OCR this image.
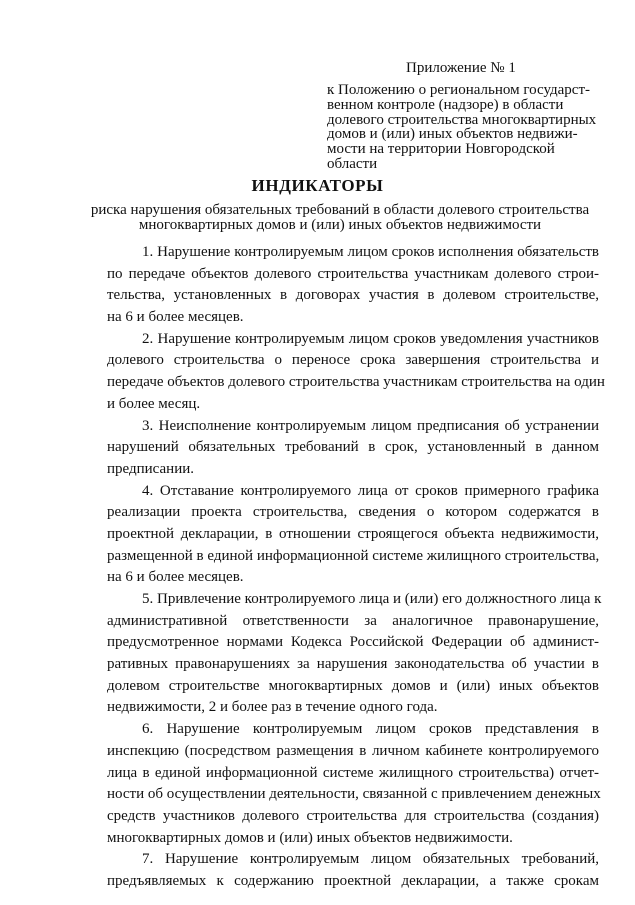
Приложение № 1
к Положению о региональном государст-
венном контроле (надзоре) в области
долевого строительства многоквартирных
домов и (или) иных объектов недвижи-
мости на территории Новгородской
области
ИНДИКАТОРЫ
риска нарушения обязательных требований в области долевого строительства
многоквартирных домов и (или) иных объектов недвижимости
1. Нарушение контролируемым лицом сроков исполнения обязательств
по передаче объектов долевого строительства участникам долевого строи-
тельства, установленных в договорах участия в долевом строительстве,
на 6 и более месяцев.
2. Нарушение контролируемым лицом сроков уведомления участников
долевого строительства о переносе срока завершения строительства и
передаче объектов долевого строительства участникам строительства на один
и более месяц.
3. Неисполнение контролируемым лицом предписания об устранении
нарушений обязательных требований в срок, установленный в данном
предписании.
4. Отставание контролируемого лица от сроков примерного графика
реализации проекта строительства, сведения о котором содержатся в
проектной декларации, в отношении строящегося объекта недвижимости,
размещенной в единой информационной системе жилищного строительства,
на 6 и более месяцев.
5. Привлечение контролируемого лица и (или) его должностного лица к
административной ответственности за аналогичное правонарушение,
предусмотренное нормами Кодекса Российской Федерации об админист-
ративных правонарушениях за нарушения законодательства об участии в
долевом строительстве многоквартирных домов и (или) иных объектов
недвижимости, 2 и более раз в течение одного года.
6. Нарушение контролируемым лицом сроков представления в
инспекцию (посредством размещения в личном кабинете контролируемого
лица в единой информационной системе жилищного строительства) отчет-
ности об осуществлении деятельности, связанной с привлечением денежных
средств участников долевого строительства для строительства (создания)
многоквартирных домов и (или) иных объектов недвижимости.
7. Нарушение контролируемым лицом обязательных требований,
предъявляемых к содержанию проектной декларации, а также срокам
